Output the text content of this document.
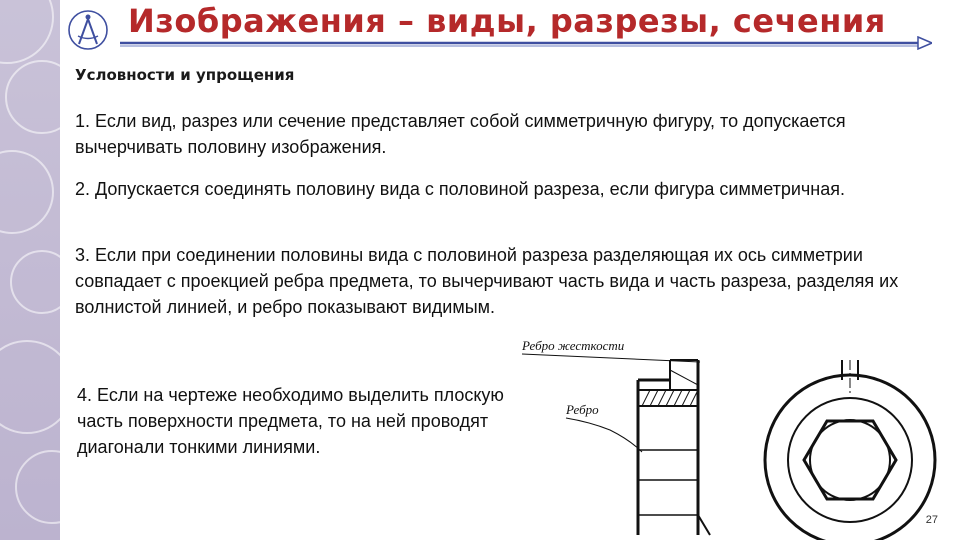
Изображения – виды, разрезы, сечения
Условности и упрощения

1. Если вид, разрез или сечение представляет собой симметричную фигуру, то допускается вычерчивать половину изображения.

2. Допускается соединять половину вида с половиной разреза, если фигура симметричная.

3. Если при соединении половины вида с половиной разреза разделяющая их ось симметрии совпадает с проекцией ребра предмета, то вычерчивают часть вида и часть разреза, разделяя их волнистой линией, и ребро показывают видимым.

4. Если на чертеже необходимо выделить плоскую часть поверхности предмета, то на ней проводят диагонали тонкими линиями.

Ребро жесткости
Ребро
27
